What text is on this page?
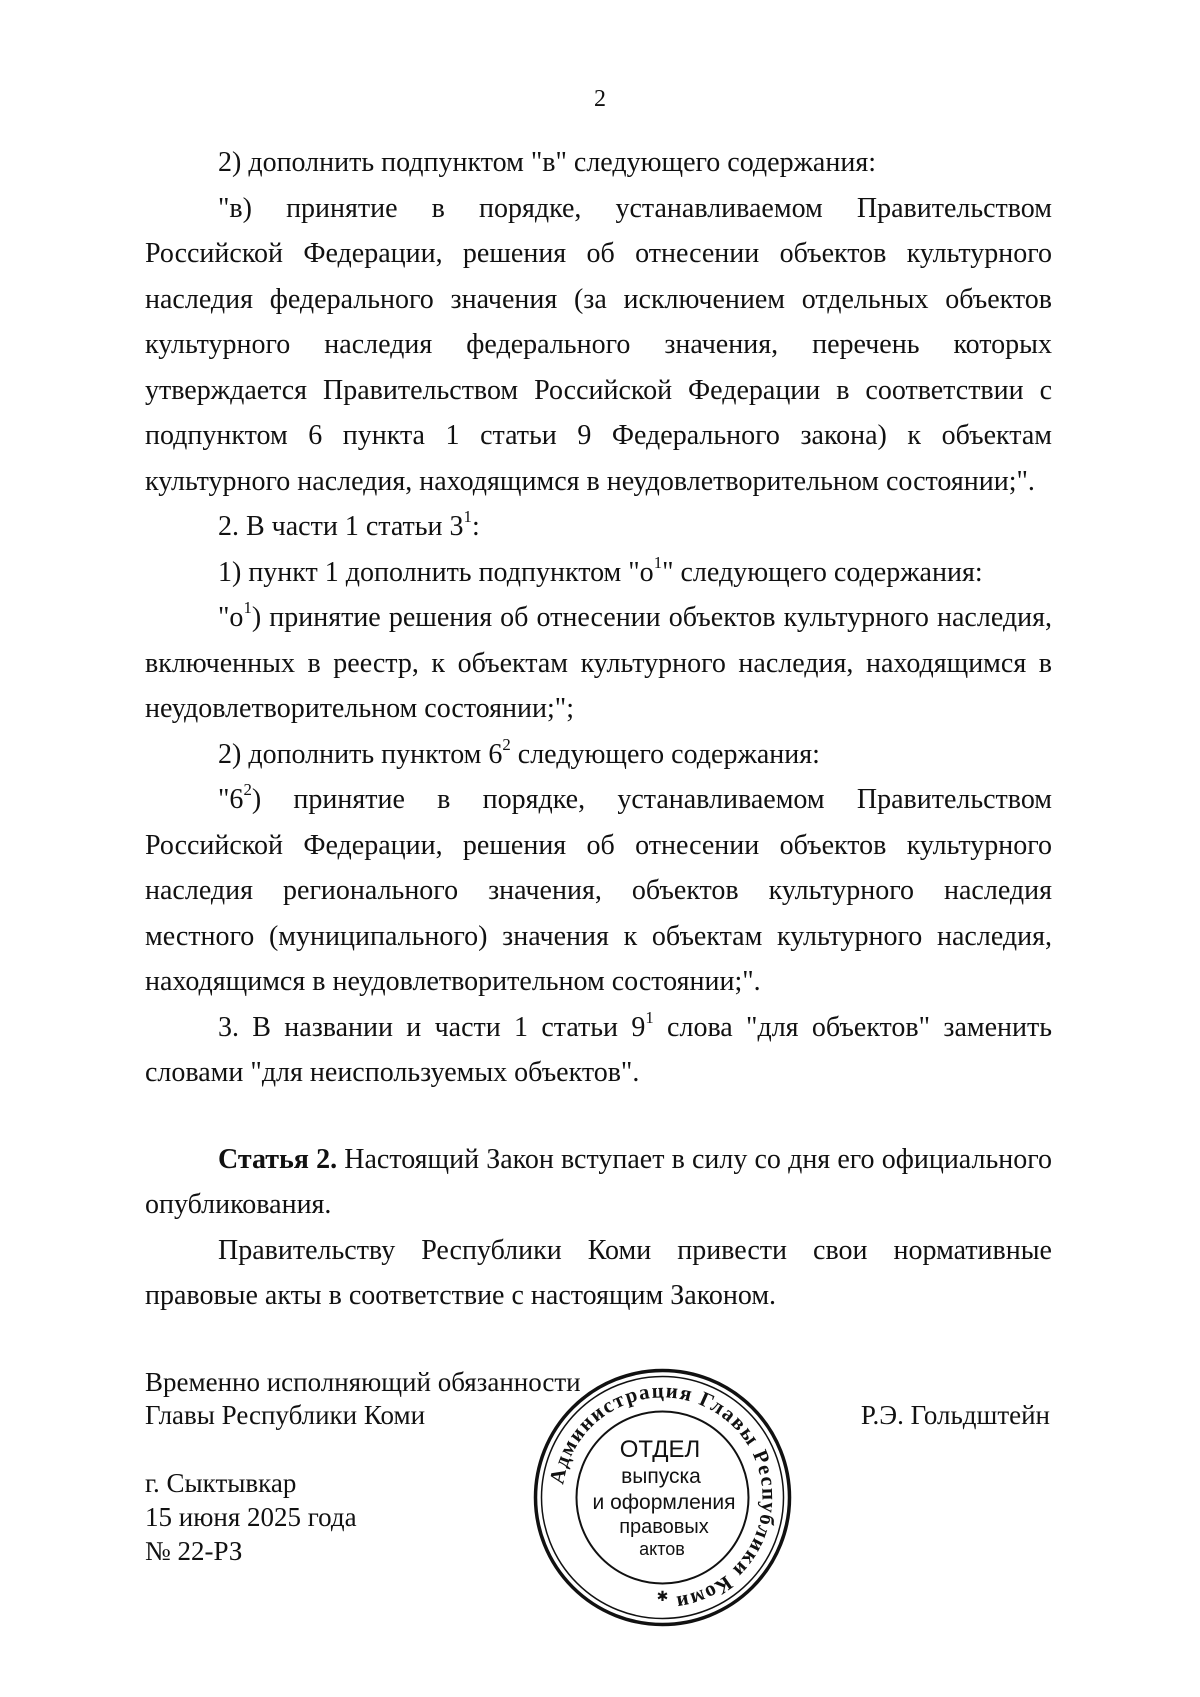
2

2) дополнить подпунктом "в" следующего содержания:

"в) принятие в порядке, устанавливаемом Правительством Российской Федерации, решения об отнесении объектов культурного наследия федерального значения (за исключением отдельных объектов культурного наследия федерального значения, перечень которых утверждается Правительством Российской Федерации в соответствии с подпунктом 6 пункта 1 статьи 9 Федерального закона) к объектам культурного наследия, находящимся в неудовлетворительном состоянии;".

2. В части 1 статьи $3^1$:

1) пункт 1 дополнить подпунктом "$о^1$" следующего содержания:

"$о^1$) принятие решения об отнесении объектов культурного наследия, включенных в реестр, к объектам культурного наследия, находящимся в неудовлетворительном состоянии;";

2) дополнить пунктом $6^2$ следующего содержания:

"$6^2$) принятие в порядке, устанавливаемом Правительством Российской Федерации, решения об отнесении объектов культурного наследия регионального значения, объектов культурного наследия местного (муниципального) значения к объектам культурного наследия, находящимся в неудовлетворительном состоянии;".

3. В названии и части 1 статьи $9^1$ слова "для объектов" заменить словами "для неиспользуемых объектов".

Статья 2. Настоящий Закон вступает в силу со дня его официального опубликования.

Правительству Республики Коми привести свои нормативные правовые акты в соответствие с настоящим Законом.

Временно исполняющий обязанности
Главы Республики Коми	Р.Э. Гольдштейн
г. Сыктывкар
15 июня 2025 года
№ 22-РЗ
Администрация Главы Республики Коми
ОТДЕЛ
выпуска
и оформления
правовых
актов
✱
